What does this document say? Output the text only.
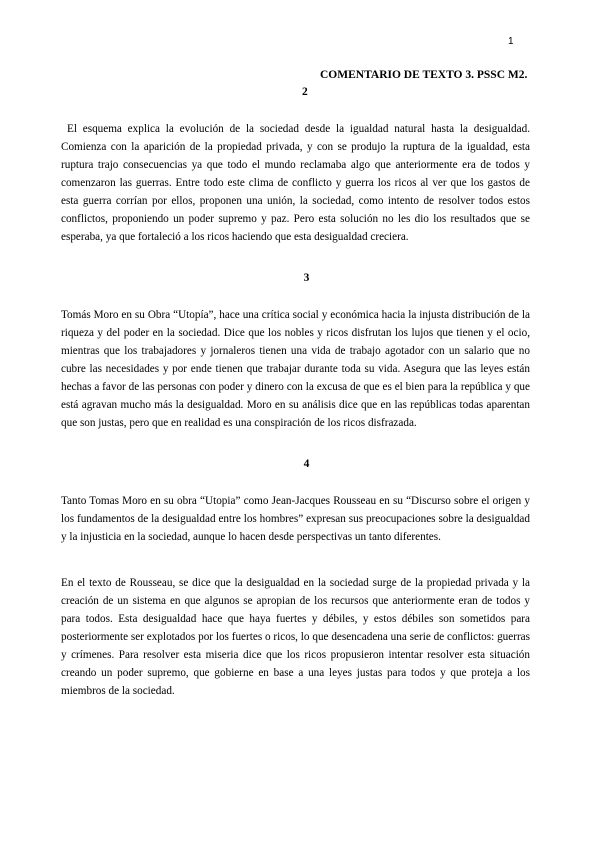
1
COMENTARIO DE TEXTO 3. PSSC M2.
2

El esquema explica la evolución de la sociedad desde la igualdad natural hasta la desigualdad. Comienza con la aparición de la propiedad privada, y con se produjo la ruptura de la igualdad, esta ruptura trajo consecuencias ya que todo el mundo reclamaba algo que anteriormente era de todos y comenzaron las guerras. Entre todo este clima de conflicto y guerra los ricos al ver que los gastos de esta guerra corrían por ellos, proponen una unión, la sociedad, como intento de resolver todos estos conflictos, proponiendo un poder supremo y paz. Pero esta solución no les dio los resultados que se esperaba, ya que fortaleció a los ricos haciendo que esta desigualdad creciera.

3

Tomás Moro en su Obra “Utopía”, hace una crítica social y económica hacia la injusta distribución de la riqueza y del poder en la sociedad. Dice que los nobles y ricos disfrutan los lujos que tienen y el ocio, mientras que los trabajadores y jornaleros tienen una vida de trabajo agotador con un salario que no cubre las necesidades y por ende tienen que trabajar durante toda su vida. Asegura que las leyes están hechas a favor de las personas con poder y dinero con la excusa de que es el bien para la república y que está agravan mucho más la desigualdad. Moro en su análisis dice que en las repúblicas todas aparentan que son justas, pero que en realidad es una conspiración de los ricos disfrazada.

4

Tanto Tomas Moro en su obra “Utopia” como Jean-Jacques Rousseau en su “Discurso sobre el origen y los fundamentos de la desigualdad entre los hombres” expresan sus preocupaciones sobre la desigualdad y la injusticia en la sociedad, aunque lo hacen desde perspectivas un tanto diferentes.

En el texto de Rousseau, se dice que la desigualdad en la sociedad surge de la propiedad privada y la creación de un sistema en que algunos se apropian de los recursos que anteriormente eran de todos y para todos. Esta desigualdad hace que haya fuertes y débiles, y estos débiles son sometidos para posteriormente ser explotados por los fuertes o ricos, lo que desencadena una serie de conflictos: guerras y crímenes. Para resolver esta miseria dice que los ricos propusieron intentar resolver esta situación creando un poder supremo, que gobierne en base a una leyes justas para todos y que proteja a los miembros de la sociedad.
